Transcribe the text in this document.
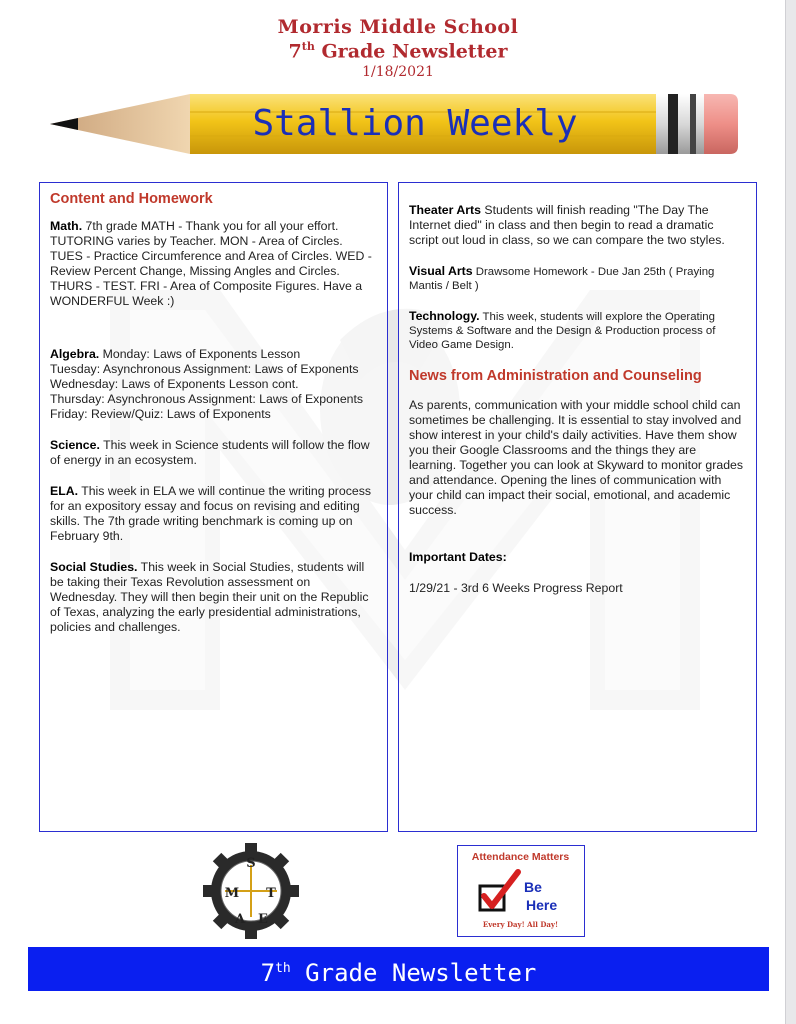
Morris Middle School
7th Grade Newsletter
1/18/2021
Stallion Weekly
Content and Homework

Math. 7th grade MATH - Thank you for all your effort. TUTORING varies by Teacher. MON - Area of Circles. TUES - Practice Circumference and Area of Circles. WED - Review Percent Change, Missing Angles and Circles. THURS - TEST. FRI - Area of Composite Figures. Have a WONDERFUL Week :)

Algebra. Monday: Laws of Exponents Lesson
Tuesday: Asynchronous Assignment: Laws of Exponents
Wednesday: Laws of Exponents Lesson cont.
Thursday: Asynchronous Assignment: Laws of Exponents
Friday: Review/Quiz: Laws of Exponents

Science. This week in Science students will follow the flow of energy in an ecosystem.

ELA. This week in ELA we will continue the writing process for an expository essay and focus on revising and editing skills. The 7th grade writing benchmark is coming up on February 9th.

Social Studies. This week in Social Studies, students will be taking their Texas Revolution assessment on Wednesday. They will then begin their unit on the Republic of Texas, analyzing the early presidential administrations, policies and challenges.

Theater Arts Students will finish reading "The Day The Internet died" in class and then begin to read a dramatic script out loud in class, so we can compare the two styles.

Visual Arts Drawsome Homework - Due Jan 25th ( Praying Mantis / Belt )

Technology. This week, students will explore the Operating Systems & Software and the Design & Production process of Video Game Design.

News from Administration and Counseling

As parents, communication with your middle school child can sometimes be challenging. It is essential to stay involved and show interest in your child's daily activities. Have them show you their Google Classrooms and the things they are learning. Together you can look at Skyward to monitor grades and attendance. Opening the lines of communication with your child can impact their social, emotional, and academic success.

Important Dates:

1/29/21 - 3rd 6 Weeks Progress Report

S
M T
A E
Attendance Matters
Be
Here
Every Day! All Day!
7th Grade Newsletter
